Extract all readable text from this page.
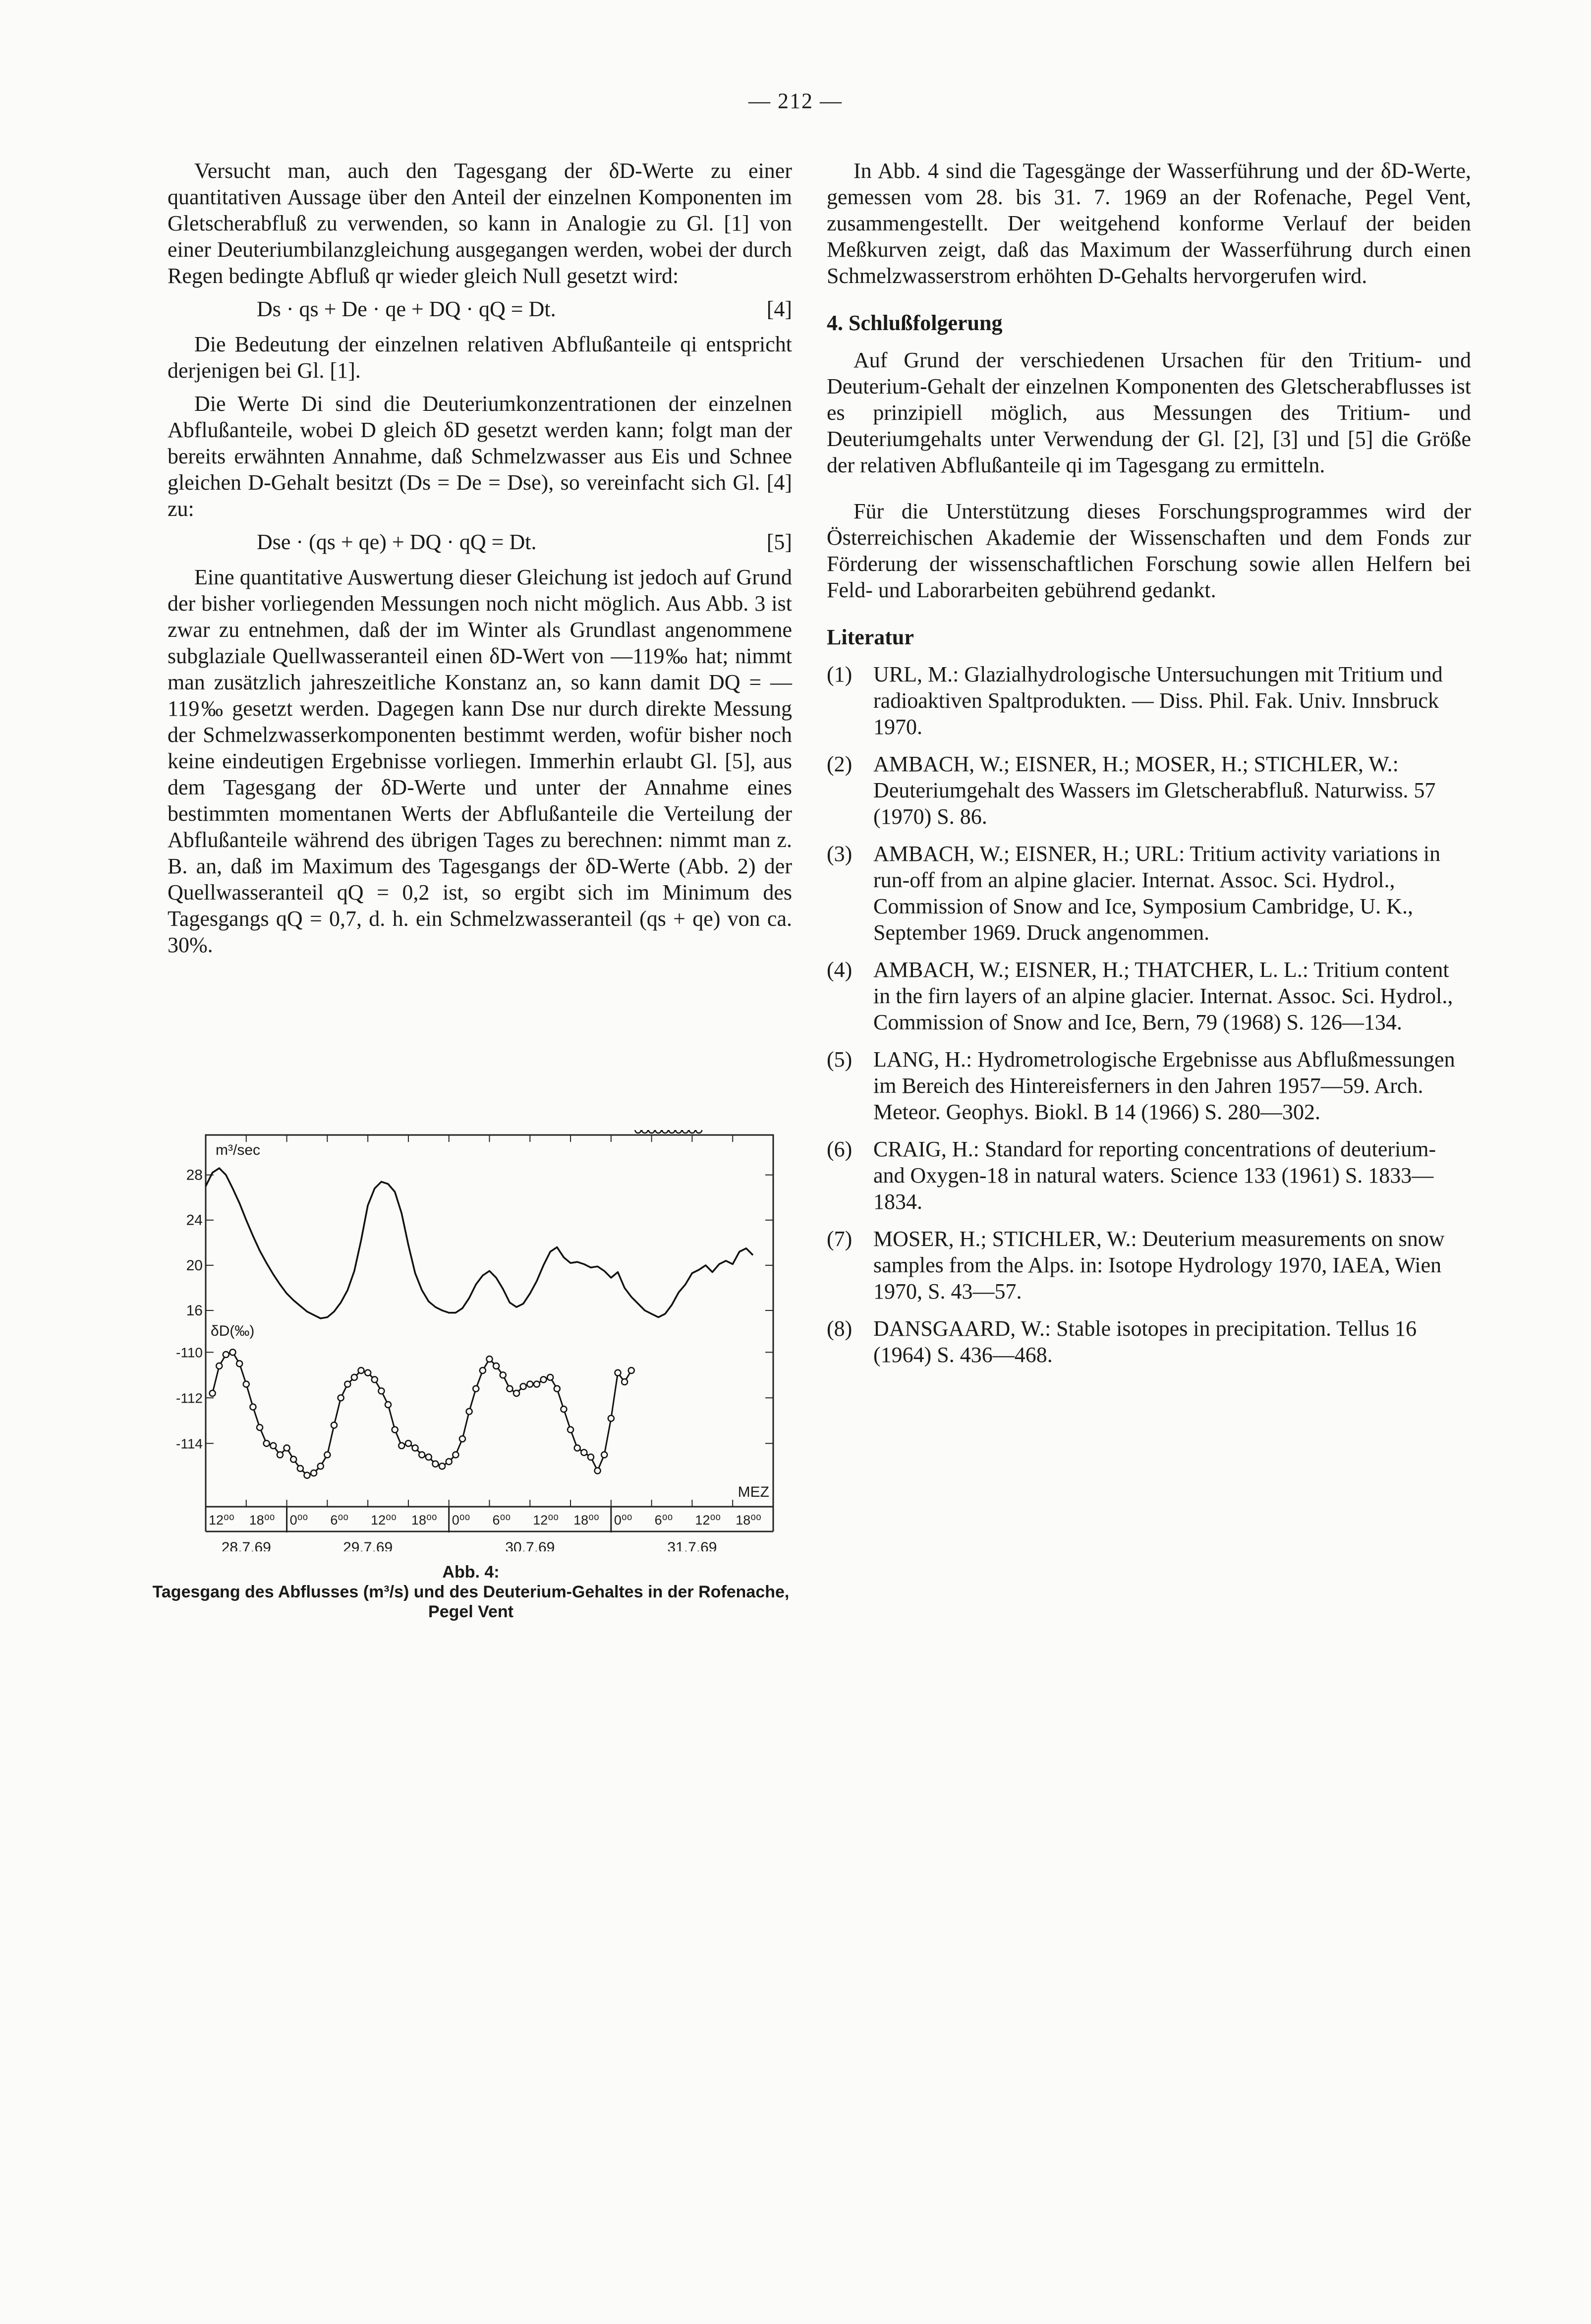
— 212 —

Versucht man, auch den Tagesgang der δD-Werte zu einer quantitativen Aussage über den Anteil der einzelnen Komponenten im Gletscherabfluß zu verwenden, so kann in Analogie zu Gl. [1] von einer Deuteriumbilanzgleichung ausgegangen werden, wobei der durch Regen bedingte Abfluß qr wieder gleich Null gesetzt wird:

Ds · qs + De · qe + DQ · qQ = Dt.	[4]

Die Bedeutung der einzelnen relativen Abflußanteile qi entspricht derjenigen bei Gl. [1].

Die Werte Di sind die Deuteriumkonzentrationen der einzelnen Abflußanteile, wobei D gleich δD gesetzt werden kann; folgt man der bereits erwähnten Annahme, daß Schmelzwasser aus Eis und Schnee gleichen D-Gehalt besitzt (Ds = De = Dse), so vereinfacht sich Gl. [4] zu:

Dse · (qs + qe) + DQ · qQ = Dt.	[5]

Eine quantitative Auswertung dieser Gleichung ist jedoch auf Grund der bisher vorliegenden Messungen noch nicht möglich. Aus Abb. 3 ist zwar zu entnehmen, daß der im Winter als Grundlast angenommene subglaziale Quellwasseranteil einen δD-Wert von —119‰ hat; nimmt man zusätzlich jahreszeitliche Konstanz an, so kann damit DQ = —119‰ gesetzt werden. Dagegen kann Dse nur durch direkte Messung der Schmelzwasserkomponenten bestimmt werden, wofür bisher noch keine eindeutigen Ergebnisse vorliegen. Immerhin erlaubt Gl. [5], aus dem Tagesgang der δD-Werte und unter der Annahme eines bestimmten momentanen Werts der Abflußanteile die Verteilung der Abflußanteile während des übrigen Tages zu berechnen: nimmt man z. B. an, daß im Maximum des Tagesgangs der δD-Werte (Abb. 2) der Quellwasseranteil qQ = 0,2 ist, so ergibt sich im Minimum des Tagesgangs qQ = 0,7, d. h. ein Schmelzwasseranteil (qs + qe) von ca. 30%.

12⁰⁰ 18⁰⁰ 0⁰⁰ 6⁰⁰ 12⁰⁰ 18⁰⁰ 0⁰⁰ 6⁰⁰ 12⁰⁰ 18⁰⁰ 0⁰⁰ 6⁰⁰ 12⁰⁰ 18⁰⁰
28.7.69	29.7.69	30.7.69	31.7.69
MEZ
16
20
24
28
m³/sec
-110
-112
-114
δD(‰)
Abb. 4:
Tagesgang des Abflusses (m³/s) und des Deuterium-Gehaltes in der Rofenache, Pegel Vent

In Abb. 4 sind die Tagesgänge der Wasserführung und der δD-Werte, gemessen vom 28. bis 31. 7. 1969 an der Rofenache, Pegel Vent, zusammengestellt. Der weitgehend konforme Verlauf der beiden Meßkurven zeigt, daß das Maximum der Wasserführung durch einen Schmelzwasserstrom erhöhten D-Gehalts hervorgerufen wird.

4. Schlußfolgerung

Auf Grund der verschiedenen Ursachen für den Tritium- und Deuterium-Gehalt der einzelnen Komponenten des Gletscherabflusses ist es prinzipiell möglich, aus Messungen des Tritium- und Deuteriumgehalts unter Verwendung der Gl. [2], [3] und [5] die Größe der relativen Abflußanteile qi im Tagesgang zu ermitteln.

Für die Unterstützung dieses Forschungsprogrammes wird der Österreichischen Akademie der Wissenschaften und dem Fonds zur Förderung der wissenschaftlichen Forschung sowie allen Helfern bei Feld- und Laborarbeiten gebührend gedankt.

Literatur
(1) URL, M.: Glazialhydrologische Untersuchungen mit Tritium und radioaktiven Spaltprodukten. — Diss. Phil. Fak. Univ. Innsbruck 1970.
(2) AMBACH, W.; EISNER, H.; MOSER, H.; STICHLER, W.: Deuteriumgehalt des Wassers im Gletscherabfluß. Naturwiss. 57 (1970) S. 86.
(3) AMBACH, W.; EISNER, H.; URL: Tritium activity variations in run-off from an alpine glacier. Internat. Assoc. Sci. Hydrol., Commission of Snow and Ice, Symposium Cambridge, U. K., September 1969. Druck angenommen.
(4) AMBACH, W.; EISNER, H.; THATCHER, L. L.: Tritium content in the firn layers of an alpine glacier. Internat. Assoc. Sci. Hydrol., Commission of Snow and Ice, Bern, 79 (1968) S. 126—134.
(5) LANG, H.: Hydrometrologische Ergebnisse aus Abflußmessungen im Bereich des Hintereisferners in den Jahren 1957—59. Arch. Meteor. Geophys. Biokl. B 14 (1966) S. 280—302.
(6) CRAIG, H.: Standard for reporting concentrations of deuterium- and Oxygen-18 in natural waters. Science 133 (1961) S. 1833—1834.
(7) MOSER, H.; STICHLER, W.: Deuterium measurements on snow samples from the Alps. in: Isotope Hydrology 1970, IAEA, Wien 1970, S. 43—57.
(8) DANSGAARD, W.: Stable isotopes in precipitation. Tellus 16 (1964) S. 436—468.
